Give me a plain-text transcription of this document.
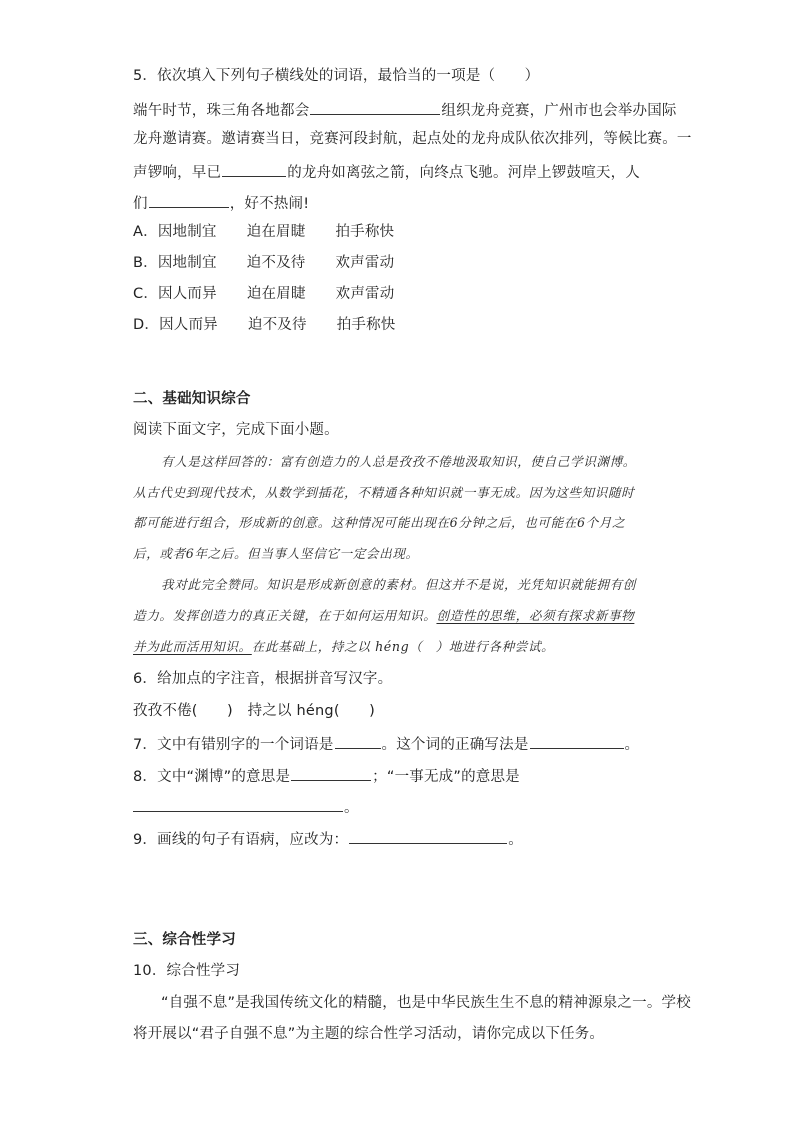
5．依次填入下列句子横线处的词语，最恰当的一项是（　　）
端午时节，珠三角各地都会	组织龙舟竞赛，广州市也会举办国际
龙舟邀请赛。邀请赛当日，竞赛河段封航，起点处的龙舟成队依次排列，等候比赛。一
声锣响，早已	的龙舟如离弦之箭，向终点飞驰。河岸上锣鼓喧天，人
们	，好不热闹!
A．因地制宜 迫在眉睫 拍手称快
B．因地制宜 迫不及待 欢声雷动
C．因人而异 迫在眉睫 欢声雷动
D．因人而异 迫不及待 拍手称快
二、基础知识综合
阅读下面文字，完成下面小题。
有人是这样回答的：富有创造力的人总是孜孜不倦地汲取知识，使自己学识渊博。
从古代史到现代技术，从数学到插花，不精通各种知识就一事无成。因为这些知识随时
都可能进行组合，形成新的创意。这种情况可能出现在6分钟之后，也可能在6个月之
后，或者6年之后。但当事人坚信它一定会出现。
我对此完全赞同。知识是形成新创意的素材。但这并不是说，光凭知识就能拥有创
造力。发挥创造力的真正关键，在于如何运用知识。创造性的思维，必须有探求新事物
并为此而活用知识。在此基础上，持之以 héng（　）地进行各种尝试。
6．给加点的字注音，根据拼音写汉字。
孜孜不倦(　　)　持之以 héng(　　)
7．文中有错别字的一个词语是	。这个词的正确写法是	。
8．文中“渊博”的意思是	；“一事无成”的意思是
。
9．画线的句子有语病，应改为：	。
三、综合性学习
10．综合性学习
“自强不息”是我国传统文化的精髓，也是中华民族生生不息的精神源泉之一。学校
将开展以“君子自强不息”为主题的综合性学习活动，请你完成以下任务。
